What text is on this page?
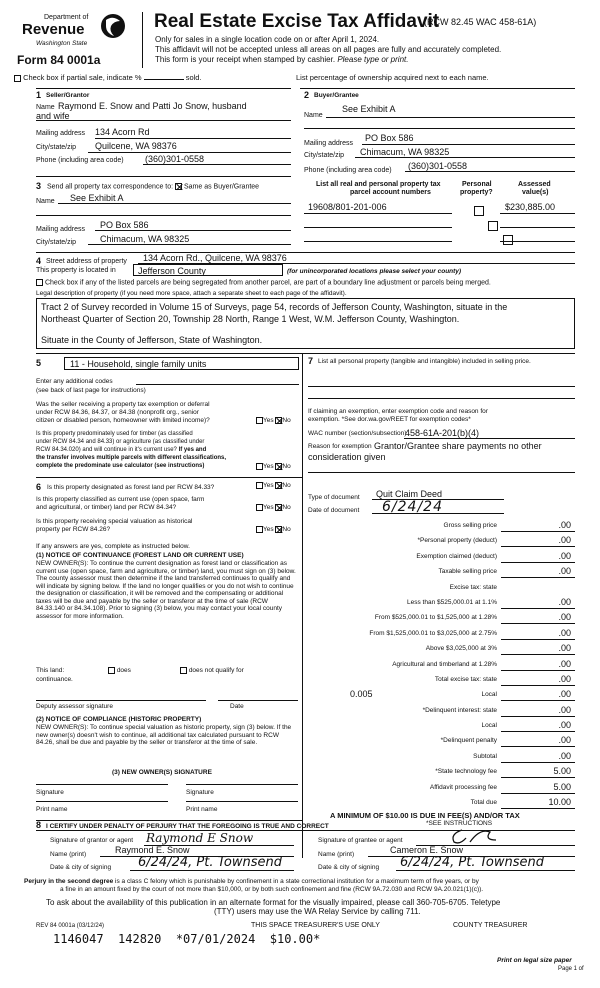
Department of
Revenue
Washington State
Form 84 0001a
Real Estate Excise Tax Affidavit
(RCW 82.45 WAC 458-61A)
Only for sales in a single location code on or after April 1, 2024.
This affidavit will not be accepted unless all areas on all pages are fully and accurately completed.
This form is your receipt when stamped by cashier. Please type or print.
Check box if partial sale, indicate %	sold.	List percentage of ownership acquired next to each name.
1 Seller/Grantor
Name Raymond E. Snow and Patti Jo Snow, husband
and wife
Mailing address 134 Acorn Rd
City/state/zip Quilcene, WA 98376
Phone (including area code) (360)301-0558
2 Buyer/Grantee
Name
See Exhibit A
Mailing address
PO Box 586
City/state/zip Chimacum, WA 98325
Phone (including area code) (360)301-0558
3 Send all property tax correspondence to: Same as Buyer/Grantee
Name See Exhibit A
Mailing address PO Box 586
City/state/zip	Chimacum, WA 98325
List all real and personal property tax
parcel account numbers
Personal
property?
Assessed
value(s)
19608/801-201-006
	$230,885.00

4 Street address of property 134 Acorn Rd., Quilcene, WA 98376
This property is located in Jefferson County	(for unincorporated locations please select your county)
Check box if any of the listed parcels are being segregated from another parcel, are part of a boundary line adjustment or parcels being merged.
Legal description of property (if you need more space, attach a separate sheet to each page of the affidavit).
Tract 2 of Survey recorded in Volume 15 of Surveys, page 54, records of Jefferson County, Washington, situate in the
Northeast Quarter of Section 20, Township 28 North, Range 1 West, W.M. Jefferson County, Washington.
Situate in the County of Jefferson, State of Washington.
5	11 - Household, single family units
Enter any additional codes
(see back of last page for instructions)
Was the seller receiving a property tax exemption or deferral
under RCW 84.36, 84.37, or 84.38 (nonprofit org., senior
citizen or disabled person, homeowner with limited income)?	Yes No
Is this property predominately used for timber (as classified
under RCW 84.34 and 84.33) or agriculture (as classified under
RCW 84.34.020) and will continue in it's current use? If yes and
the transfer involves multiple parcels with different classifications,
complete the predominate use calculator (see instructions)	Yes No
6 Is this property designated as forest land per RCW 84.33?	Yes No
Is this property classified as current use (open space, farm
and agricultural, or timber) land per RCW 84.34?	Yes No
Is this property receiving special valuation as historical
property per RCW 84.26?	Yes No
If any answers are yes, complete as instructed below.
(1) NOTICE OF CONTINUANCE (FOREST LAND OR CURRENT USE)
NEW OWNER(S): To continue the current designation as forest land or classification as current use (open space, farm and agriculture, or timber) land, you must sign on (3) below. The county assessor must then determine if the land transferred continues to qualify and will indicate by signing below. If the land no longer qualifies or you do not wish to continue the designation or classification, it will be removed and the compensating or additional taxes will be due and payable by the seller or transferor at the time of sale (RCW 84.33.140 or 84.34.108). Prior to signing (3) below, you may contact your local county assessor for more information.
This land:	does	does not qualify for
continuance.
Deputy assessor signature	Date
(2) NOTICE OF COMPLIANCE (HISTORIC PROPERTY)
NEW OWNER(S): To continue special valuation as historic property, sign (3) below. If the new owner(s) doesn't wish to continue, all additional tax calculated pursuant to RCW 84.26, shall be due and payable by the seller or transferor at the time of sale.
(3) NEW OWNER(S) SIGNATURE
Signature	Signature
Print name	Print name
7 List all personal property (tangible and intangible) included in selling price.
If claiming an exemption, enter exemption code and reason for
exemption. *See dor.wa.gov/REET for exemption codes*
WAC number (section/subsection)
458-61A-201(b)(4)
Reason for exemption Grantor/Grantee share payments no other
consideration given
Type of document Quit Claim Deed
Date of document 6/24/24
Gross selling price	.00
*Personal property (deduct)	.00
Exemption claimed (deduct)	.00
Taxable selling price	.00
Excise tax: state
Less than $525,000.01 at 1.1%	.00
From $525,000.01 to $1,525,000 at 1.28%	.00
From $1,525,000.01 to $3,025,000 at 2.75%	.00
Above $3,025,000 at 3%	.00
Agricultural and timberland at 1.28%	.00
Total excise tax: state	.00
0.005	Local	.00
*Delinquent interest: state	.00
Local	.00
*Delinquent penalty	.00
Subtotal	.00
*State technology fee	5.00
Affidavit processing fee	5.00
Total due	10.00
A MINIMUM OF $10.00 IS DUE IN FEE(S) AND/OR TAX
*SEE INSTRUCTIONS
8 I CERTIFY UNDER PENALTY OF PERJURY THAT THE FOREGOING IS TRUE AND CORRECT
Signature of grantor or agent Raymond E Snow
Name (print)	Raymond E. Snow
Date & city of signing 6/24/24, Pt. Townsend
Signature of grantee or agent
Name (print)	Cameron E. Snow
Date & city of signing 6/24/24, Pt. Townsend
Perjury in the second degree is a class C felony which is punishable by confinement in a state correctional institution for a maximum term of five years, or by
a fine in an amount fixed by the court of not more than $10,000, or by both such confinement and fine (RCW 9A.72.030 and RCW 9A.20.021(1)(c)).
To ask about the availability of this publication in an alternate format for the visually impaired, please call 360-705-6705. Teletype
(TTY) users may use the WA Relay Service by calling 711.
REV 84 0001a (03/12/24)	THIS SPACE TREASURER'S USE ONLY	COUNTY TREASURER
1146047  142820  *07/01/2024  $10.00*
Print on legal size paper
Page 1 of
